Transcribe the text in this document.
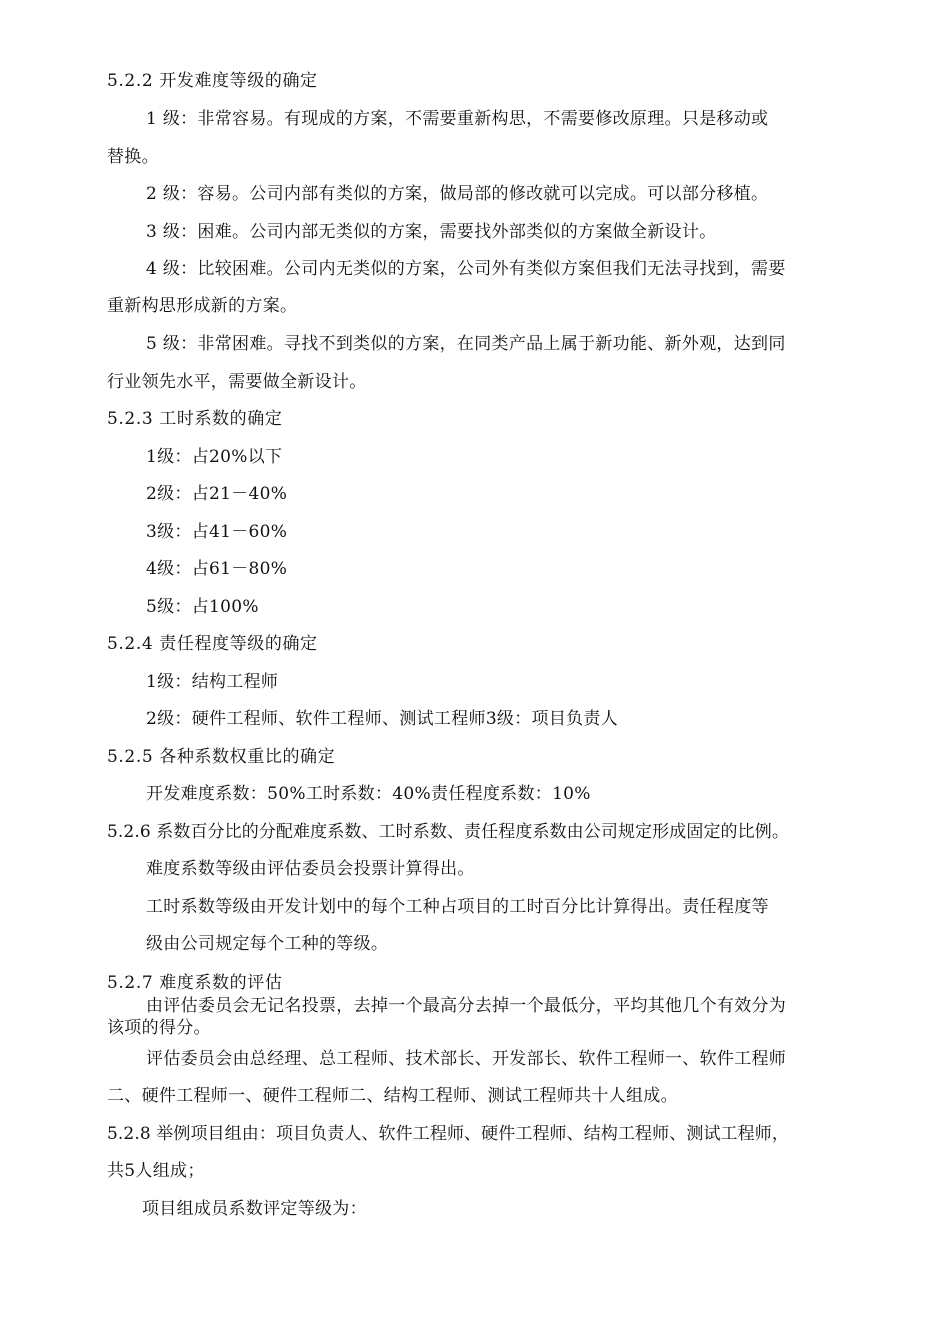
5.2.2 开发难度等级的确定
1 级：非常容易。有现成的方案，不需要重新构思，不需要修改原理。只是移动或
替换。
2 级：容易。公司内部有类似的方案，做局部的修改就可以完成。可以部分移植。
3 级：困难。公司内部无类似的方案，需要找外部类似的方案做全新设计。
4 级：比较困难。公司内无类似的方案，公司外有类似方案但我们无法寻找到，需要
重新构思形成新的方案。
5 级：非常困难。寻找不到类似的方案，在同类产品上属于新功能、新外观，达到同
行业领先水平，需要做全新设计。
5.2.3 工时系数的确定
1级：占20%以下
2级：占21－40%
3级：占41－60%
4级：占61－80%
5级：占100%
5.2.4 责任程度等级的确定
1级：结构工程师
2级：硬件工程师、软件工程师、测试工程师3级：项目负责人
5.2.5 各种系数权重比的确定
开发难度系数：50%工时系数：40%责任程度系数：10%
5.2.6 系数百分比的分配难度系数、工时系数、责任程度系数由公司规定形成固定的比例。
难度系数等级由评估委员会投票计算得出。
工时系数等级由开发计划中的每个工种占项目的工时百分比计算得出。责任程度等
级由公司规定每个工种的等级。
5.2.7 难度系数的评估
由评估委员会无记名投票，去掉一个最高分去掉一个最低分，平均其他几个有效分为
该项的得分。
评估委员会由总经理、总工程师、技术部长、开发部长、软件工程师一、软件工程师
二、硬件工程师一、硬件工程师二、结构工程师、测试工程师共十人组成。
5.2.8 举例项目组由：项目负责人、软件工程师、硬件工程师、结构工程师、测试工程师，
共5人组成；
项目组成员系数评定等级为：
